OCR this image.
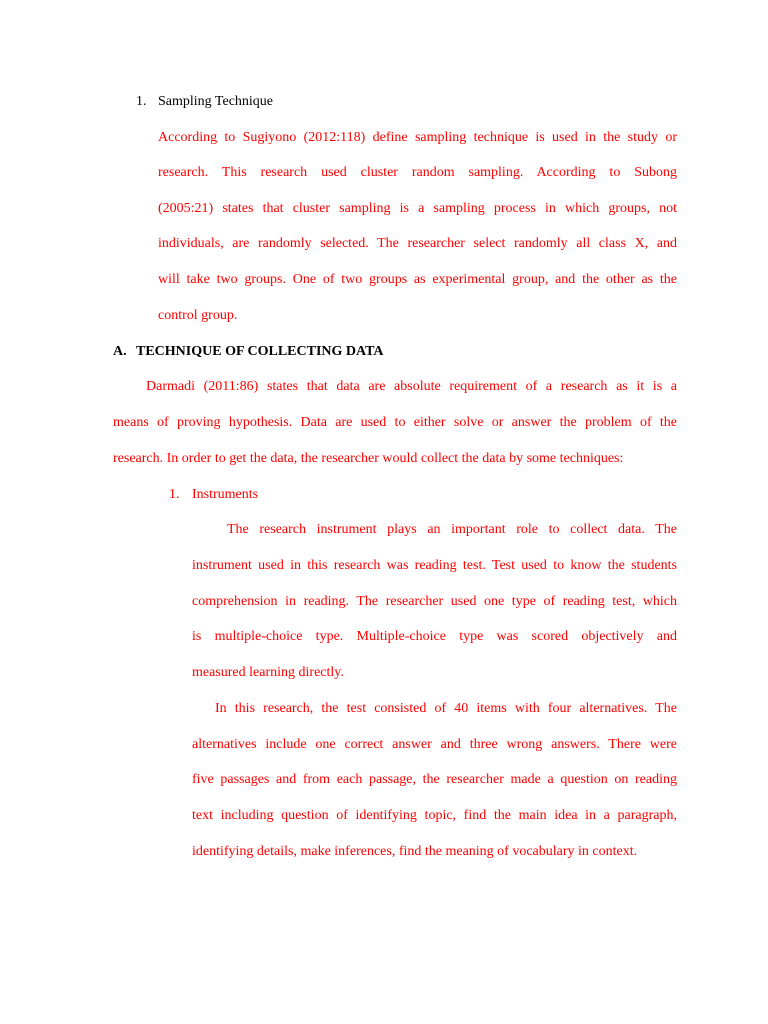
1. Sampling Technique
According to Sugiyono (2012:118) define sampling technique is used in the study or
research. This research used cluster random sampling. According to Subong
(2005:21) states that cluster sampling is a sampling process in which groups, not
individuals, are randomly selected. The researcher select randomly all class X, and
will take two groups. One of two groups as experimental group, and the other as the
control group.
A. TECHNIQUE OF COLLECTING DATA
Darmadi (2011:86) states that data are absolute requirement of a research as it is a
means of proving hypothesis. Data are used to either solve or answer the problem of the
research. In order to get the data, the researcher would collect the data by some techniques:
1. Instruments
The research instrument plays an important role to collect data. The
instrument used in this research was reading test. Test used to know the students
comprehension in reading. The researcher used one type of reading test, which
is multiple-choice type. Multiple-choice type was scored objectively and
measured learning directly.
In this research, the test consisted of 40 items with four alternatives. The
alternatives include one correct answer and three wrong answers. There were
five passages and from each passage, the researcher made a question on reading
text including question of identifying topic, find the main idea in a paragraph,
identifying details, make inferences, find the meaning of vocabulary in context.
